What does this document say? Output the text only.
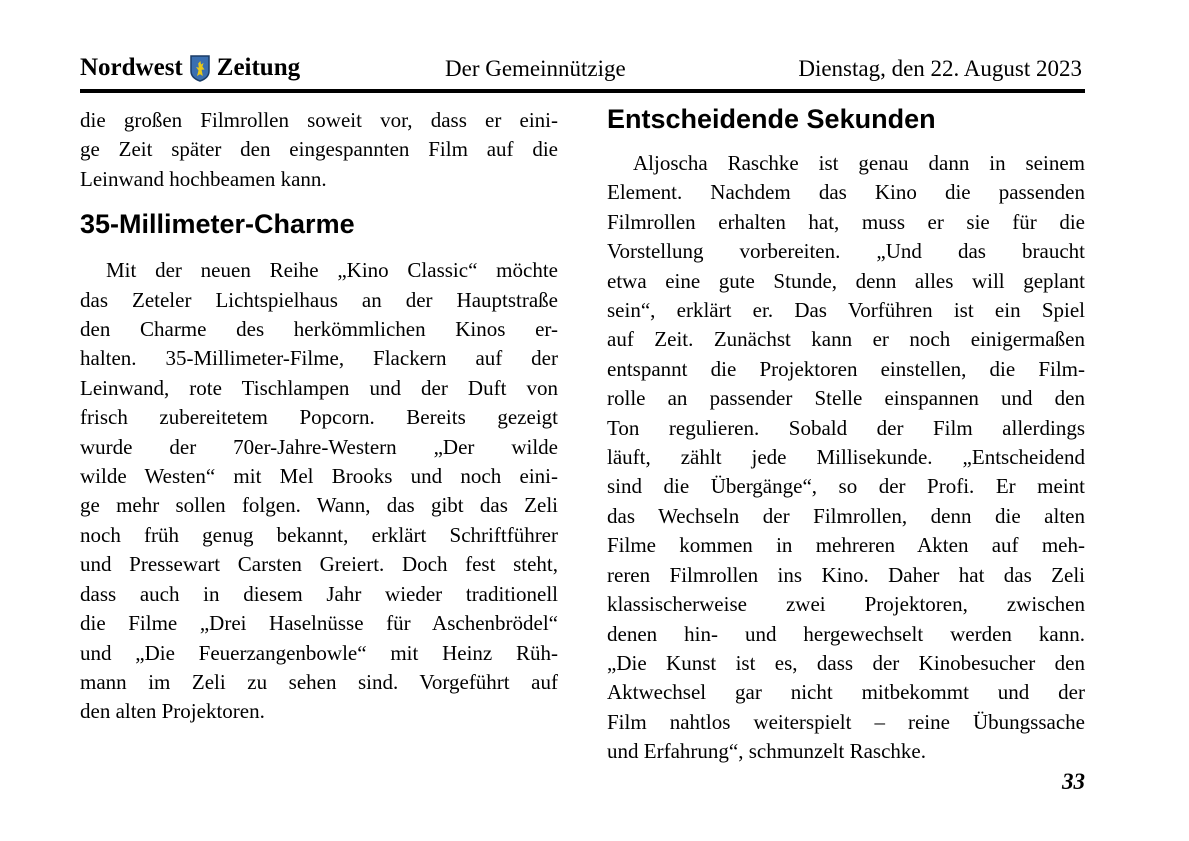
Nordwest Zeitung	Der Gemeinnützige	Dienstag, den 22. August 2023
die großen Filmrollen soweit vor, dass er eini-
ge Zeit später den eingespannten Film auf die
Leinwand hochbeamen kann.
35-Millimeter-Charme
Mit der neuen Reihe „Kino Classic“ möchte
das Zeteler Lichtspielhaus an der Hauptstraße
den Charme des herkömmlichen Kinos er-
halten. 35-Millimeter-Filme, Flackern auf der
Leinwand, rote Tischlampen und der Duft von
frisch zubereitetem Popcorn. Bereits gezeigt
wurde der 70er-Jahre-Western „Der wilde
wilde Westen“ mit Mel Brooks und noch eini-
ge mehr sollen folgen. Wann, das gibt das Zeli
noch früh genug bekannt, erklärt Schriftführer
und Pressewart Carsten Greiert. Doch fest steht,
dass auch in diesem Jahr wieder traditionell
die Filme „Drei Haselnüsse für Aschenbrödel“
und „Die Feuerzangenbowle“ mit Heinz Rüh-
mann im Zeli zu sehen sind. Vorgeführt auf
den alten Projektoren.
Entscheidende Sekunden
Aljoscha Raschke ist genau dann in seinem
Element. Nachdem das Kino die passenden
Filmrollen erhalten hat, muss er sie für die
Vorstellung vorbereiten. „Und das braucht
etwa eine gute Stunde, denn alles will geplant
sein“, erklärt er. Das Vorführen ist ein Spiel
auf Zeit. Zunächst kann er noch einigermaßen
entspannt die Projektoren einstellen, die Film-
rolle an passender Stelle einspannen und den
Ton regulieren. Sobald der Film allerdings
läuft, zählt jede Millisekunde. „Entscheidend
sind die Übergänge“, so der Profi. Er meint
das Wechseln der Filmrollen, denn die alten
Filme kommen in mehreren Akten auf meh-
reren Filmrollen ins Kino. Daher hat das Zeli
klassischerweise zwei Projektoren, zwischen
denen hin- und hergewechselt werden kann.
„Die Kunst ist es, dass der Kinobesucher den
Aktwechsel gar nicht mitbekommt und der
Film nahtlos weiterspielt – reine Übungssache
und Erfahrung“, schmunzelt Raschke.
33
